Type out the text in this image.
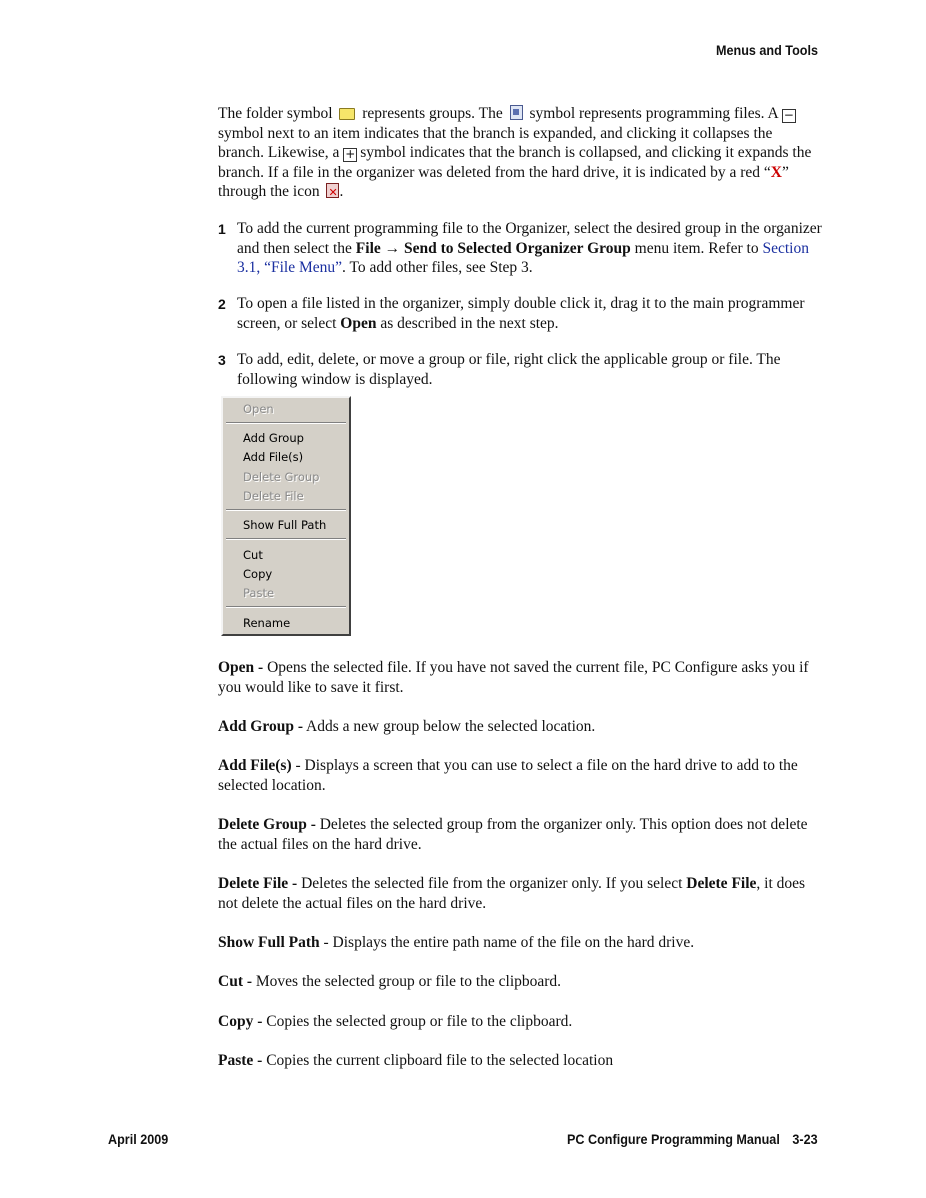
Menus and Tools
The folder symbol represents groups. The symbol represents programming files. A −symbol next to an item indicates that the branch is expanded, and clicking it collapses the branch. Likewise, a + symbol indicates that the branch is collapsed, and clicking it expands the branch. If a file in the organizer was deleted from the hard drive, it is indicated by a red “X” through the icon ✕ .
1 To add the current programming file to the Organizer, select the desired group in the organizer and then select the File → Send to Selected Organizer Group menu item. Refer to Section 3.1, “File Menu”. To add other files, see Step 3.
2 To open a file listed in the organizer, simply double click it, drag it to the main programmer screen, or select Open as described in the next step.
3 To add, edit, delete, or move a group or file, right click the applicable group or file. The following window is displayed.
Open
Add Group
Add File(s)
Delete Group
Delete File
Show Full Path
Cut
Copy
Paste
Rename
Open - Opens the selected file. If you have not saved the current file, PC Configure asks you if you would like to save it first.
Add Group - Adds a new group below the selected location.
Add File(s) - Displays a screen that you can use to select a file on the hard drive to add to the selected location.
Delete Group - Deletes the selected group from the organizer only. This option does not delete the actual files on the hard drive.
Delete File - Deletes the selected file from the organizer only. If you select Delete File, it does not delete the actual files on the hard drive.
Show Full Path - Displays the entire path name of the file on the hard drive.
Cut - Moves the selected group or file to the clipboard.
Copy - Copies the selected group or file to the clipboard.
Paste - Copies the current clipboard file to the selected location
April 2009	PC Configure Programming Manual 3-23
